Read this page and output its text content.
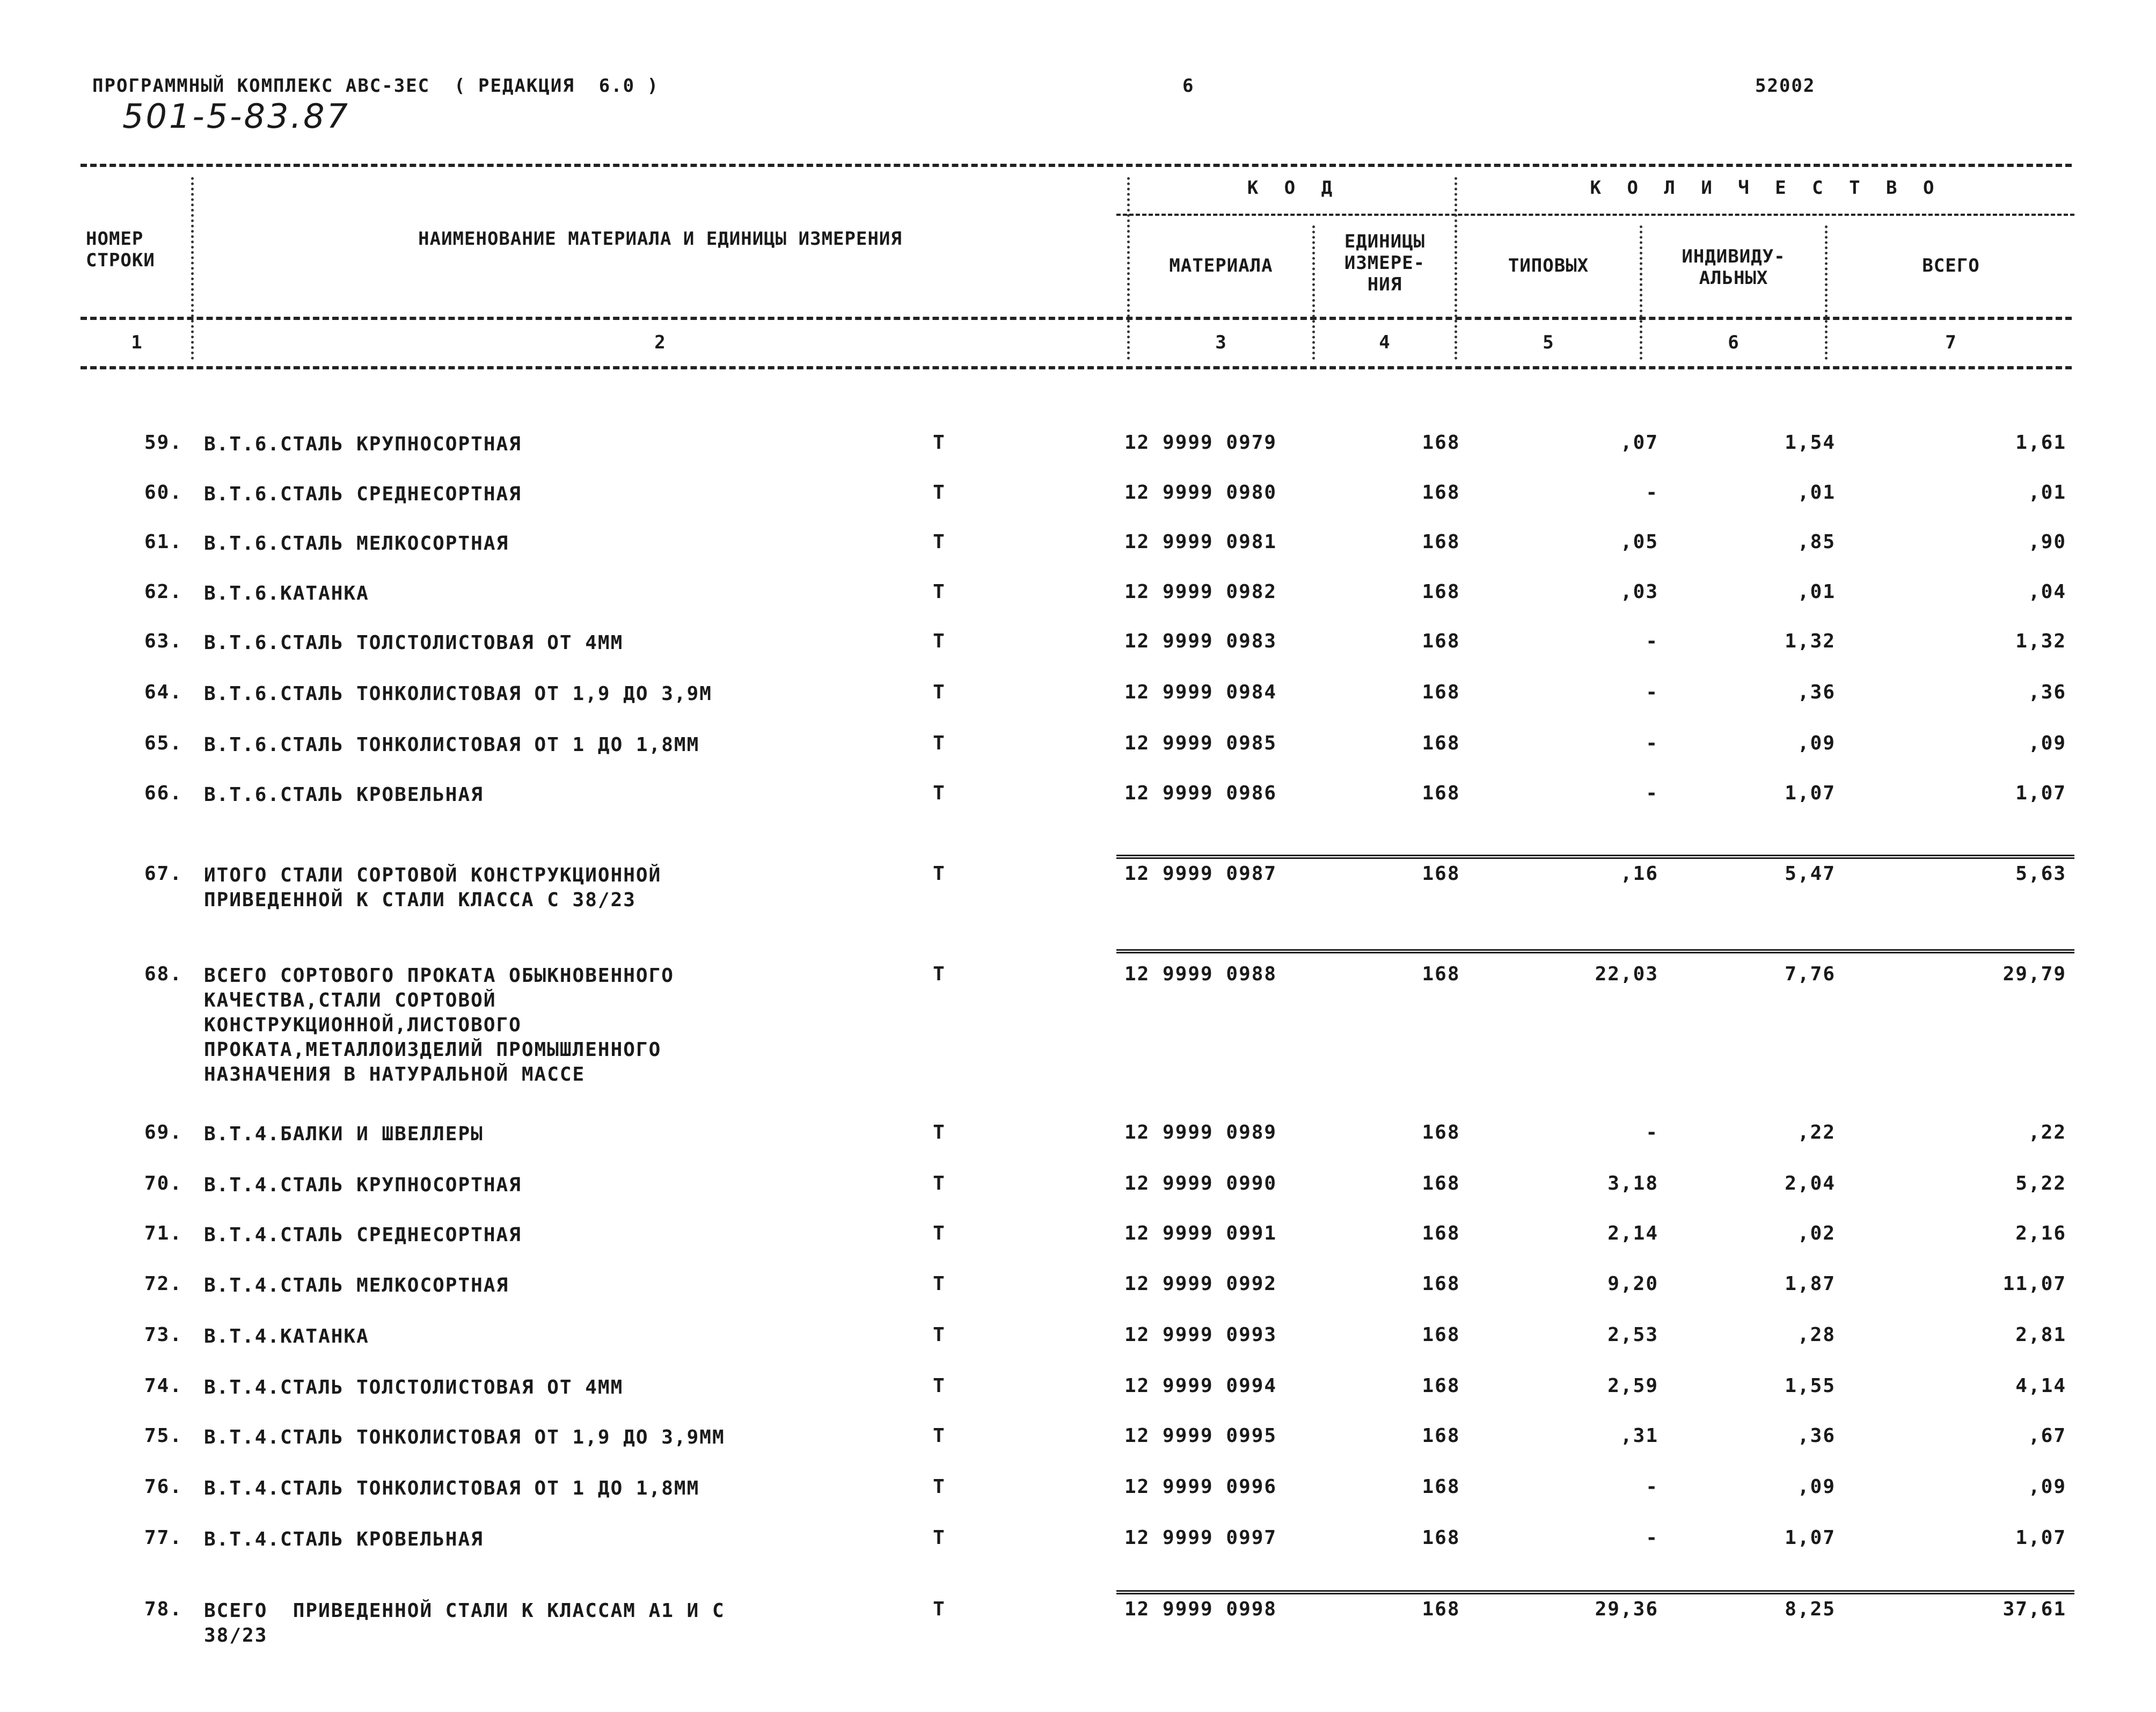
ПРОГРАММНЫЙ КОМПЛЕКС АВС-ЗЕС  ( РЕДАКЦИЯ  6.0 )
501-5-83.87
6	52002
НОМЕР
СТРОКИ
НАИМЕНОВАНИЕ МАТЕРИАЛА И ЕДИНИЦЫ ИЗМЕРЕНИЯ
К О Д	К О Л И Ч Е С Т В О
МАТЕРИАЛА
ЕДИНИЦЫ
ИЗМЕРЕ-
НИЯ
ТИПОВЫХ	ИНДИВИДУ-
АЛЬНЫХ
ВСЕГО
1	2	3	4	5	6	7
59. В.Т.6.СТАЛЬ КРУПНОСОРТНАЯ	Т	12 9999 0979	168	,07	1,54	1,61
60. В.Т.6.СТАЛЬ СРЕДНЕСОРТНАЯ	Т	12 9999 0980	168	-	,01	,01
61. В.Т.6.СТАЛЬ МЕЛКОСОРТНАЯ	Т	12 9999 0981	168	,05	,85	,90
62. В.Т.6.КАТАНКА	Т	12 9999 0982	168	,03	,01	,04
63. В.Т.6.СТАЛЬ ТОЛСТОЛИСТОВАЯ ОТ 4ММ	Т	12 9999 0983	168	-	1,32	1,32
64. В.Т.6.СТАЛЬ ТОНКОЛИСТОВАЯ ОТ 1,9 ДО 3,9М	Т	12 9999 0984	168	-	,36	,36
65. В.Т.6.СТАЛЬ ТОНКОЛИСТОВАЯ ОТ 1 ДО 1,8ММ	Т	12 9999 0985	168	-	,09	,09
66. В.Т.6.СТАЛЬ КРОВЕЛЬНАЯ	Т	12 9999 0986	168	-	1,07	1,07
67. ИТОГО СТАЛИ СОРТОВОЙ КОНСТРУКЦИОННОЙ
ПРИВЕДЕННОЙ К СТАЛИ КЛАССА С 38/23
Т	12 9999 0987	168	,16	5,47	5,63
68. ВСЕГО СОРТОВОГО ПРОКАТА ОБЫКНОВЕННОГО
КАЧЕСТВА,СТАЛИ СОРТОВОЙ
КОНСТРУКЦИОННОЙ,ЛИСТОВОГО
ПРОКАТА,МЕТАЛЛОИЗДЕЛИЙ ПРОМЫШЛЕННОГО
НАЗНАЧЕНИЯ В НАТУРАЛЬНОЙ МАССЕ
Т	12 9999 0988	168	22,03	7,76	29,79
69. В.Т.4.БАЛКИ И ШВЕЛЛЕРЫ	Т	12 9999 0989	168	-	,22	,22
70. В.Т.4.СТАЛЬ КРУПНОСОРТНАЯ	Т	12 9999 0990	168	3,18	2,04	5,22
71. В.Т.4.СТАЛЬ СРЕДНЕСОРТНАЯ	Т	12 9999 0991	168	2,14	,02	2,16
72. В.Т.4.СТАЛЬ МЕЛКОСОРТНАЯ	Т	12 9999 0992	168	9,20	1,87	11,07
73. В.Т.4.КАТАНКА	Т	12 9999 0993	168	2,53	,28	2,81
74. В.Т.4.СТАЛЬ ТОЛСТОЛИСТОВАЯ ОТ 4ММ	Т	12 9999 0994	168	2,59	1,55	4,14
75. В.Т.4.СТАЛЬ ТОНКОЛИСТОВАЯ ОТ 1,9 ДО 3,9ММ	Т	12 9999 0995	168	,31	,36	,67
76. В.Т.4.СТАЛЬ ТОНКОЛИСТОВАЯ ОТ 1 ДО 1,8ММ	Т	12 9999 0996	168	-	,09	,09
77. В.Т.4.СТАЛЬ КРОВЕЛЬНАЯ	Т	12 9999 0997	168	-	1,07	1,07
78. ВСЕГО  ПРИВЕДЕННОЙ СТАЛИ К КЛАССАМ А1 И С
38/23
Т	12 9999 0998	168	29,36	8,25	37,61
